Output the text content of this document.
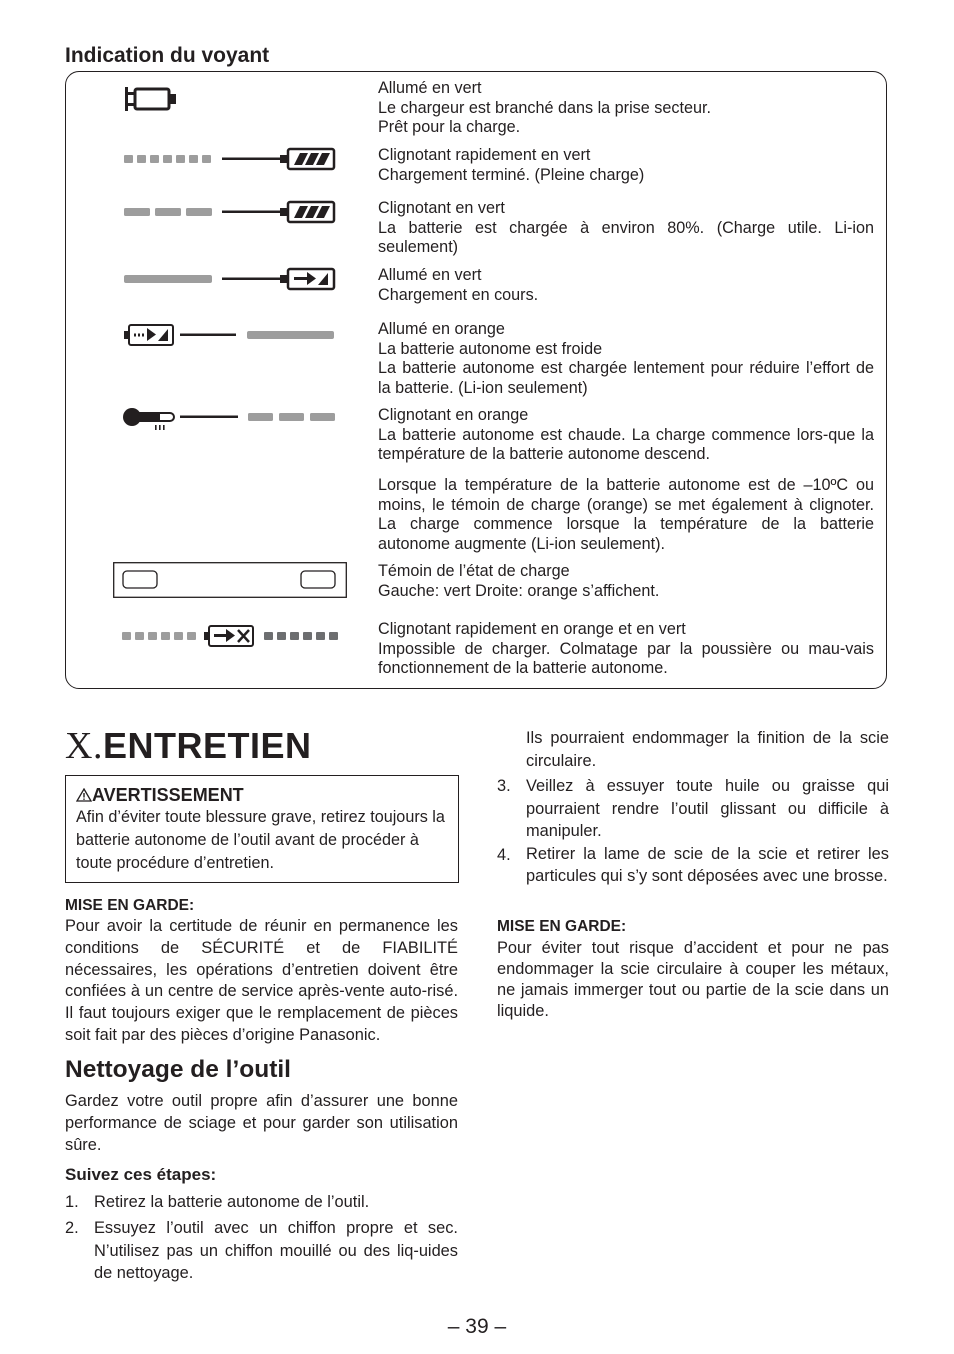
Indication du voyant
Allumé en vert
Le chargeur est branché dans la prise secteur.
Prêt pour la charge.
Clignotant rapidement en vert
Chargement terminé. (Pleine charge)
Clignotant en vert
La batterie est chargée à environ 80%. (Charge utile. Li-ion seulement)
Allumé en vert
Chargement en cours.
Allumé en orange
La batterie autonome est froide
La batterie autonome est chargée lentement pour réduire l’effort de la batterie. (Li-ion seulement)
Clignotant en orange
La batterie autonome est chaude. La charge commence lors-que la température de la batterie autonome descend.
Lorsque la température de la batterie autonome est de –10ºC ou moins, le témoin de charge (orange) se met également à clignoter. La charge commence lorsque la température de la batterie autonome augmente (Li-ion seulement).
Témoin de l’état de charge
Gauche: vert Droite: orange s’affichent.
Clignotant rapidement en orange et en vert
Impossible de charger. Colmatage par la poussière ou mau-vais fonctionnement de la batterie autonome.
X.ENTRETIEN
AVERTISSEMENT
Afin d’éviter toute blessure grave, retirez toujours la batterie autonome de l’outil avant de procéder à toute procédure d’entretien.
MISE EN GARDE:
Pour avoir la certitude de réunir en permanence les conditions de SÉCURITÉ et de FIABILITÉ nécessaires, les opérations d’entretien doivent être confiées à un centre de service après-vente auto-risé. Il faut toujours exiger que le remplacement de pièces soit fait par des pièces d’origine Panasonic.
Nettoyage de l’outil
Gardez votre outil propre afin d’assurer une bonne performance de sciage et pour garder son utilisation sûre.
Suivez ces étapes:
1. Retirez la batterie autonome de l’outil.
2. Essuyez l’outil avec un chiffon propre et sec. N’utilisez pas un chiffon mouillé ou des liq-uides de nettoyage.
Ils pourraient endommager la finition de la scie circulaire.
3. Veillez à essuyer toute huile ou graisse qui pourraient rendre l’outil glissant ou difficile à manipuler.
4. Retirer la lame de scie de la scie et retirer les particules qui s’y sont déposées avec une brosse.
MISE EN GARDE:
Pour éviter tout risque d’accident et pour ne pas endommager la scie circulaire à couper les métaux, ne jamais immerger tout ou partie de la scie dans un liquide.
– 39 –
